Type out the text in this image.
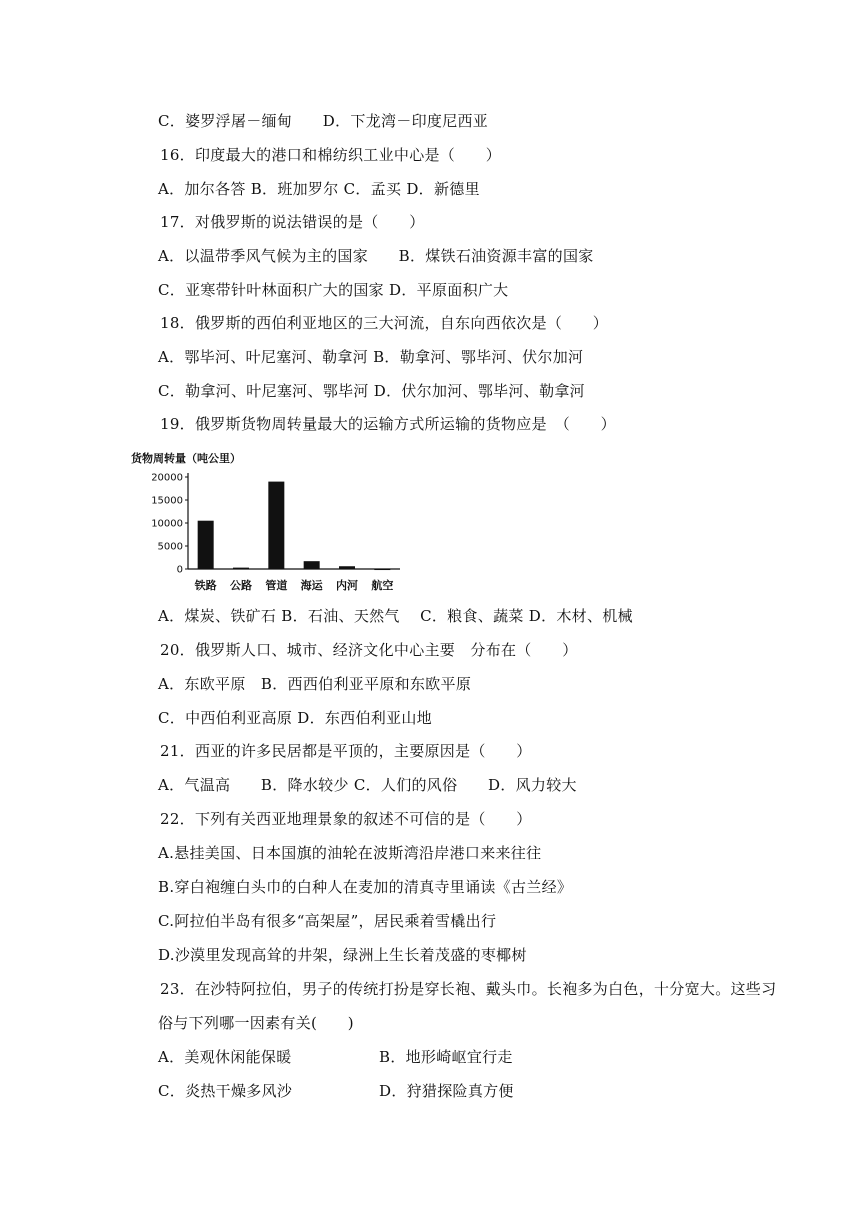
C．婆罗浮屠－缅甸　　D．下龙湾－印度尼西亚
16．印度最大的港口和棉纺织工业中心是（　　）
A．加尔各答 B．班加罗尔 C．孟买 D．新德里
17．对俄罗斯的说法错误的是（　　）
A．以温带季风气候为主的国家　　B．煤铁石油资源丰富的国家
C．亚寒带针叶林面积广大的国家 D．平原面积广大
18．俄罗斯的西伯利亚地区的三大河流，自东向西依次是（　　）
A．鄂毕河、叶尼塞河、勒拿河 B．勒拿河、鄂毕河、伏尔加河
C．勒拿河、叶尼塞河、鄂毕河 D．伏尔加河、鄂毕河、勒拿河
19．俄罗斯货物周转量最大的运输方式所运输的货物应是　（　　）
货物周转量（吨公里）
0
5000
10000
15000
20000
铁路 公路 管道 海运 内河 航空
A．煤炭、铁矿石 B．石油、天然气　 C．粮食、蔬菜 D．木材、机械
20．俄罗斯人口、城市、经济文化中心主要　分布在（　　）
A．东欧平原　B．西西伯利亚平原和东欧平原
C．中西伯利亚高原 D．东西伯利亚山地
21．西亚的许多民居都是平顶的，主要原因是（　　）
A．气温高　　B．降水较少 C．人们的风俗　　D．风力较大
22．下列有关西亚地理景象的叙述不可信的是（　　）
A.悬挂美国、日本国旗的油轮在波斯湾沿岸港口来来往往
B.穿白袍缠白头巾的白种人在麦加的清真寺里诵读《古兰经》
C.阿拉伯半岛有很多“高架屋”，居民乘着雪橇出行
D.沙漠里发现高耸的井架，绿洲上生长着茂盛的枣椰树
23．在沙特阿拉伯，男子的传统打扮是穿长袍、戴头巾。长袍多为白色，十分宽大。这些习
俗与下列哪一因素有关(　　)
A．美观休闲能保暖	B．地形崎岖宜行走
C．炎热干燥多风沙	D．狩猎探险真方便
